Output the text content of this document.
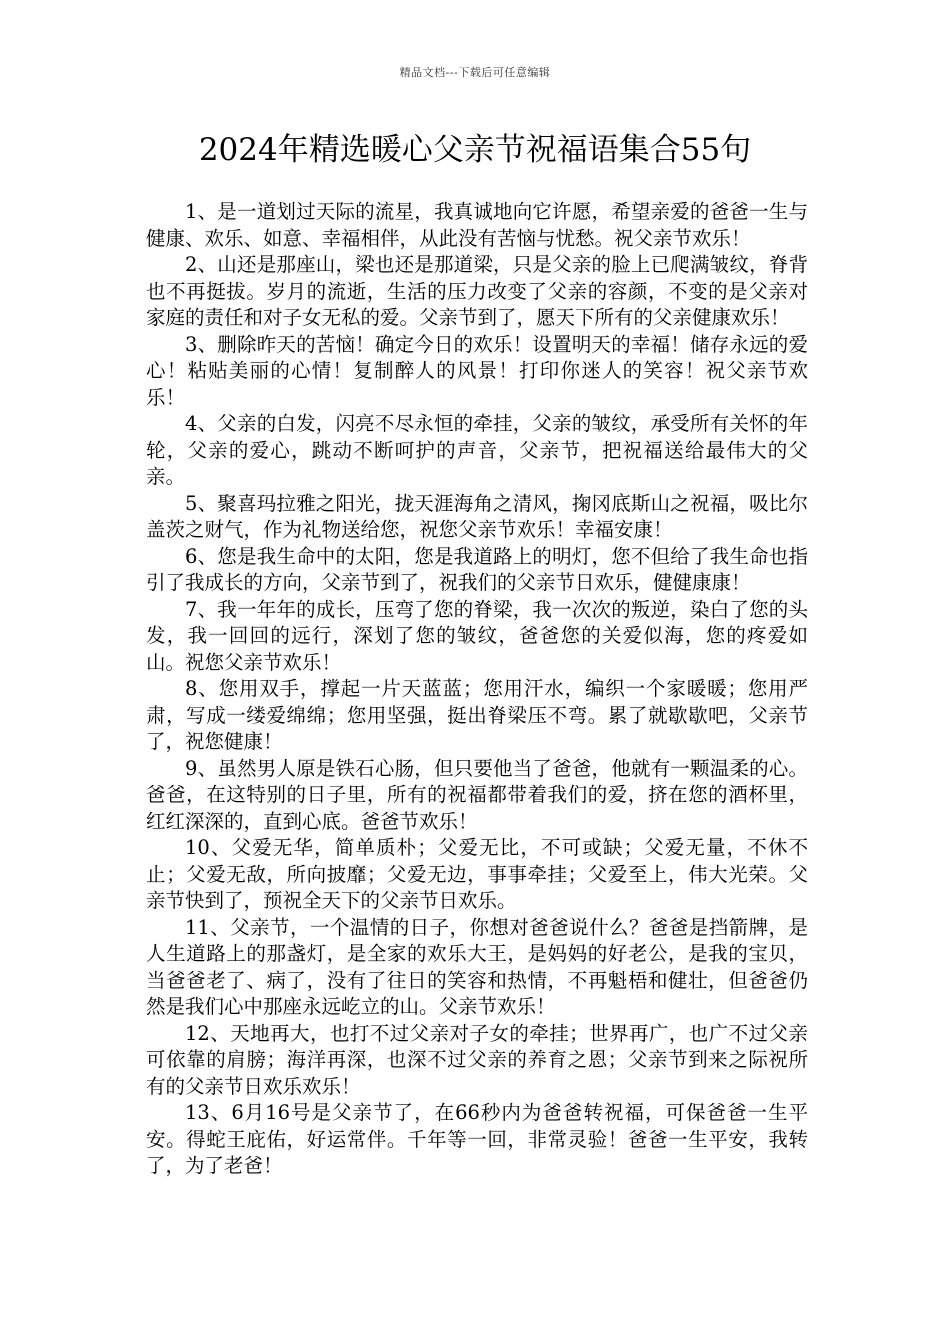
精品文档---下载后可任意编辑
2024年精选暖心父亲节祝福语集合55句

1、是一道划过天际的流星，我真诚地向它许愿，希望亲爱的爸爸一生与健康、欢乐、如意、幸福相伴，从此没有苦恼与忧愁。祝父亲节欢乐！

2、山还是那座山，梁也还是那道梁，只是父亲的脸上已爬满皱纹，脊背也不再挺拔。岁月的流逝，生活的压力改变了父亲的容颜，不变的是父亲对家庭的责任和对子女无私的爱。父亲节到了，愿天下所有的父亲健康欢乐！

3、删除昨天的苦恼！确定今日的欢乐！设置明天的幸福！储存永远的爱心！粘贴美丽的心情！复制醉人的风景！打印你迷人的笑容！祝父亲节欢乐！

4、父亲的白发，闪亮不尽永恒的牵挂，父亲的皱纹，承受所有关怀的年轮，父亲的爱心，跳动不断呵护的声音，父亲节，把祝福送给最伟大的父亲。

5、聚喜玛拉雅之阳光，拢天涯海角之清风，掬冈底斯山之祝福，吸比尔盖茨之财气，作为礼物送给您，祝您父亲节欢乐！幸福安康！

6、您是我生命中的太阳，您是我道路上的明灯，您不但给了我生命也指引了我成长的方向，父亲节到了，祝我们的父亲节日欢乐，健健康康！

7、我一年年的成长，压弯了您的脊梁，我一次次的叛逆，染白了您的头发，我一回回的远行，深划了您的皱纹，爸爸您的关爱似海，您的疼爱如山。祝您父亲节欢乐！

8、您用双手，撑起一片天蓝蓝；您用汗水，编织一个家暖暖；您用严肃，写成一缕爱绵绵；您用坚强，挺出脊梁压不弯。累了就歇歇吧，父亲节了，祝您健康！

9、虽然男人原是铁石心肠，但只要他当了爸爸，他就有一颗温柔的心。爸爸，在这特别的日子里，所有的祝福都带着我们的爱，挤在您的酒杯里，红红深深的，直到心底。爸爸节欢乐！

10、父爱无华，简单质朴；父爱无比，不可或缺；父爱无量，不休不止；父爱无敌，所向披靡；父爱无边，事事牵挂；父爱至上，伟大光荣。父亲节快到了，预祝全天下的父亲节日欢乐。

11、父亲节，一个温情的日子，你想对爸爸说什么？爸爸是挡箭牌，是人生道路上的那盏灯，是全家的欢乐大王，是妈妈的好老公，是我的宝贝，当爸爸老了、病了，没有了往日的笑容和热情，不再魁梧和健壮，但爸爸仍然是我们心中那座永远屹立的山。父亲节欢乐！

12、天地再大，也打不过父亲对子女的牵挂；世界再广，也广不过父亲可依靠的肩膀；海洋再深，也深不过父亲的养育之恩；父亲节到来之际祝所有的父亲节日欢乐欢乐！

13、6月16号是父亲节了，在66秒内为爸爸转祝福，可保爸爸一生平安。得蛇王庇佑，好运常伴。千年等一回，非常灵验！爸爸一生平安，我转了，为了老爸！
